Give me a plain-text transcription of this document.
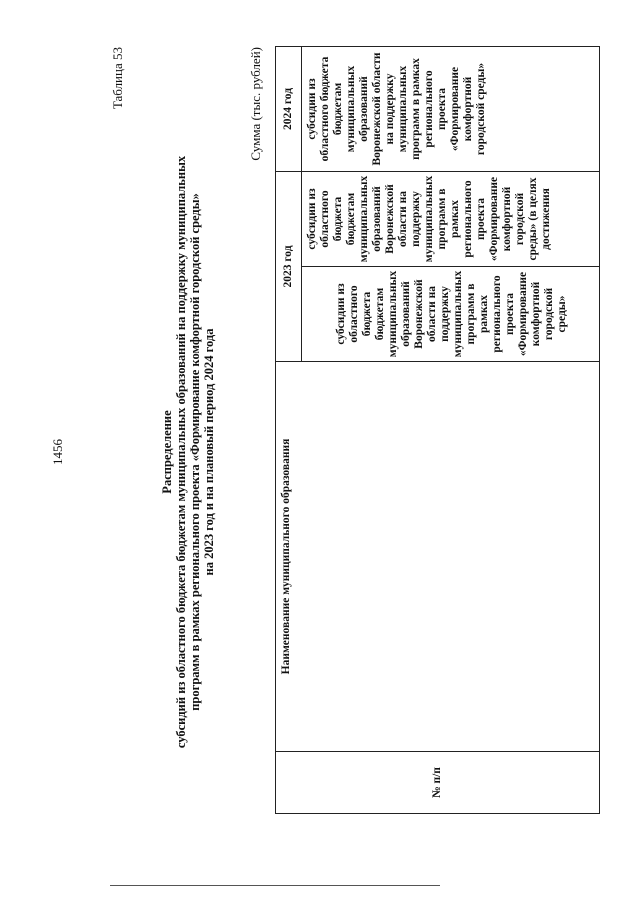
1456
Таблица 53
Распределение субсидий из областного бюджета бюджетам муниципальных образований на поддержку муниципальных программ в рамках регионального проекта «Формирование комфортной городской среды» на 2023 год и на плановый период 2024 года
Сумма (тыс. рублей)
№ п/п	Наименование муниципального образования	2023 год		2024 год
		субсидии из областного бюджета бюджетам муниципальных образований Воронежской области на поддержку муниципальных программ в рамках регионального проекта «Формирование комфортной городской среды»	субсидии из областного бюджета бюджетам муниципальных образований Воронежской области на поддержку муниципальных программ в рамках регионального проекта «Формирование комфортной городской среды» (в целях достижения	субсидии из областного бюджета бюджетам муниципальных образований Воронежской области на поддержку муниципальных программ в рамках регионального проекта «Формирование комфортной городской среды»
